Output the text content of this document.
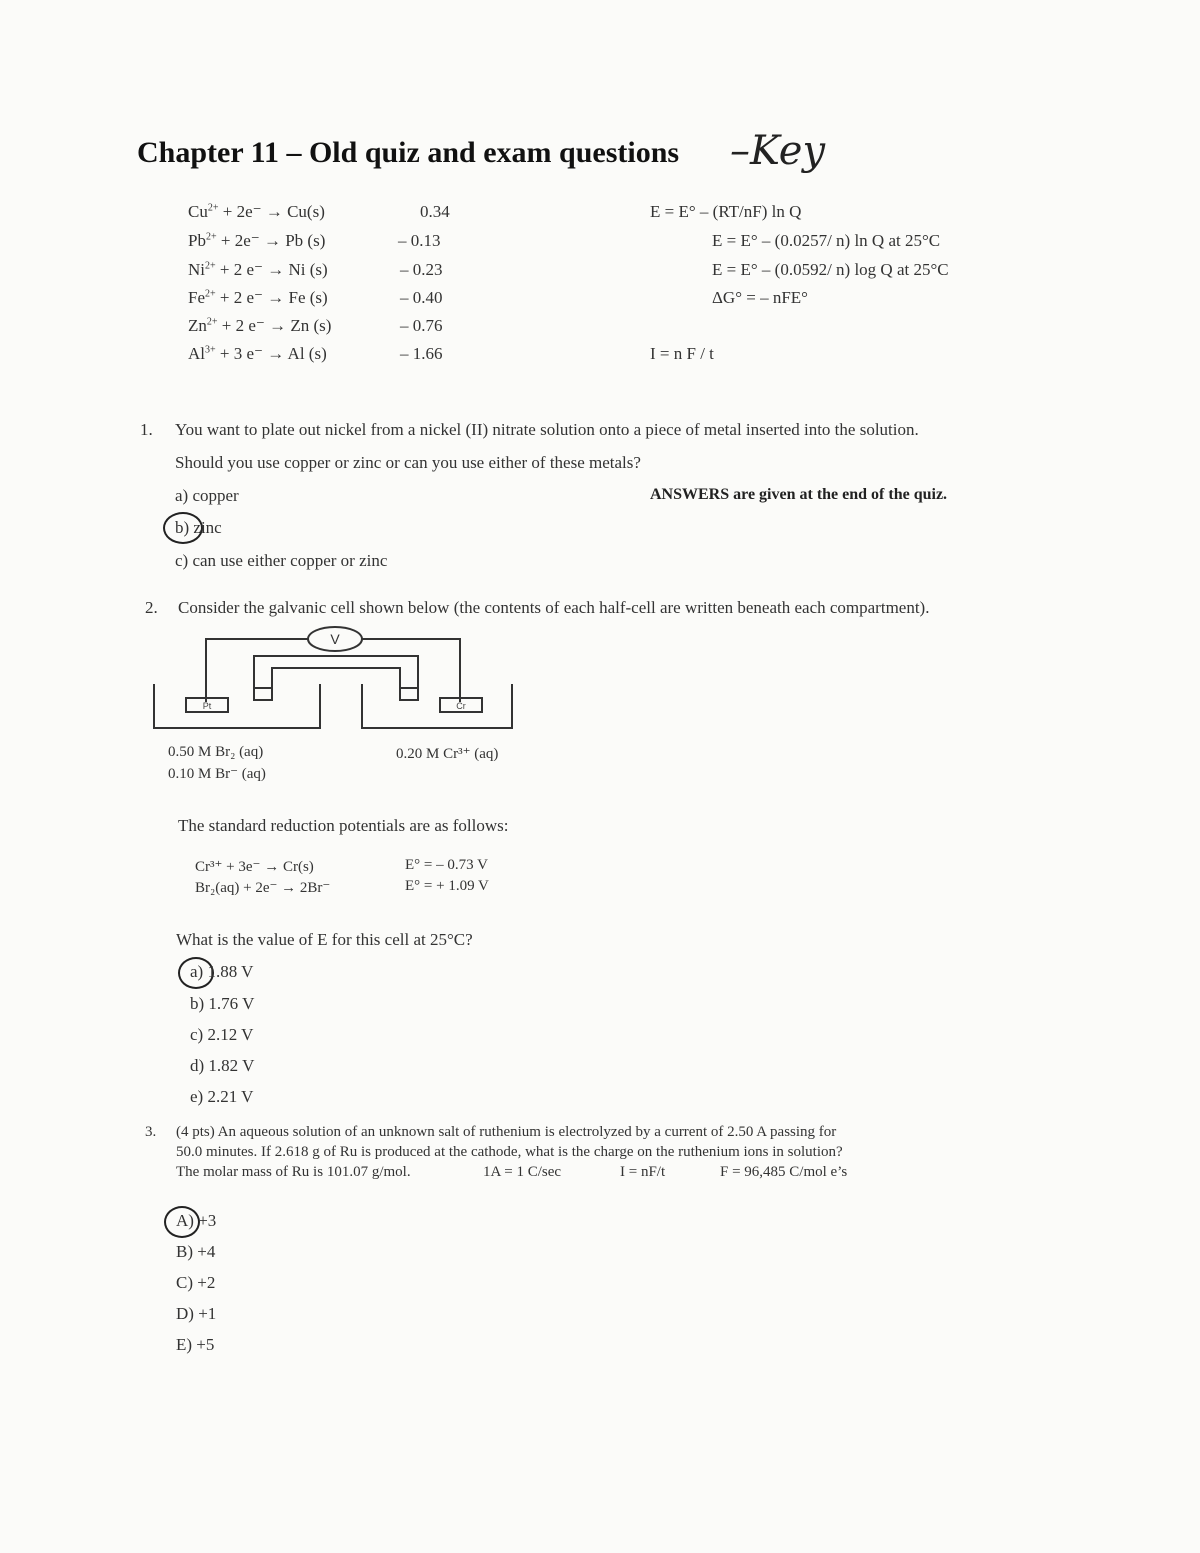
Chapter 11 – Old quiz and exam questions –Key
$Cu^{2+} + 2e^- \to Cu(s)$	0.34
$Pb^{2+} + 2e^- \to Pb$ (s)	– 0.13
$Ni^{2+} + 2$ e⁻ → Ni (s)	– 0.23
$Fe^{2+} + 2$ e⁻ → Fe (s)	– 0.40
$Zn^{2+} + 2$ e⁻ → Zn (s)	– 0.76
$Al^{3+} + 3$ e⁻ → Al (s)	– 1.66
E = E° – (RT/nF) ln Q
E = E° – (0.0257/ n) ln Q at 25°C
E = E° – (0.0592/ n) log Q at 25°C
ΔG° = – nFE°
I = n F / t
1. You want to plate out nickel from a nickel (II) nitrate solution onto a piece of metal inserted into the solution.
Should you use copper or zinc or can you use either of these metals?
a) copper	ANSWERS are given at the end of the quiz.
b) zinc
c) can use either copper or zinc
2. Consider the galvanic cell shown below (the contents of each half-cell are written beneath each compartment).
V
Pt	Cr
0.50 M Br₂ (aq)
0.10 M Br⁻ (aq)
0.20 M Cr³⁺ (aq)
The standard reduction potentials are as follows:
Cr³⁺ + 3e⁻ → Cr(s)	E° = – 0.73 V
Br₂(aq) + 2e⁻ → 2Br⁻	E° = + 1.09 V
What is the value of E for this cell at 25°C?
a) 1.88 V
b) 1.76 V
c) 2.12 V
d) 1.82 V
e) 2.21 V
3. (4 pts) An aqueous solution of an unknown salt of ruthenium is electrolyzed by a current of 2.50 A passing for
50.0 minutes. If 2.618 g of Ru is produced at the cathode, what is the charge on the ruthenium ions in solution?
The molar mass of Ru is 101.07 g/mol.	1A = 1 C/sec	I = nF/t	F = 96,485 C/mol e’s
A) +3
B) +4
C) +2
D) +1
E) +5
